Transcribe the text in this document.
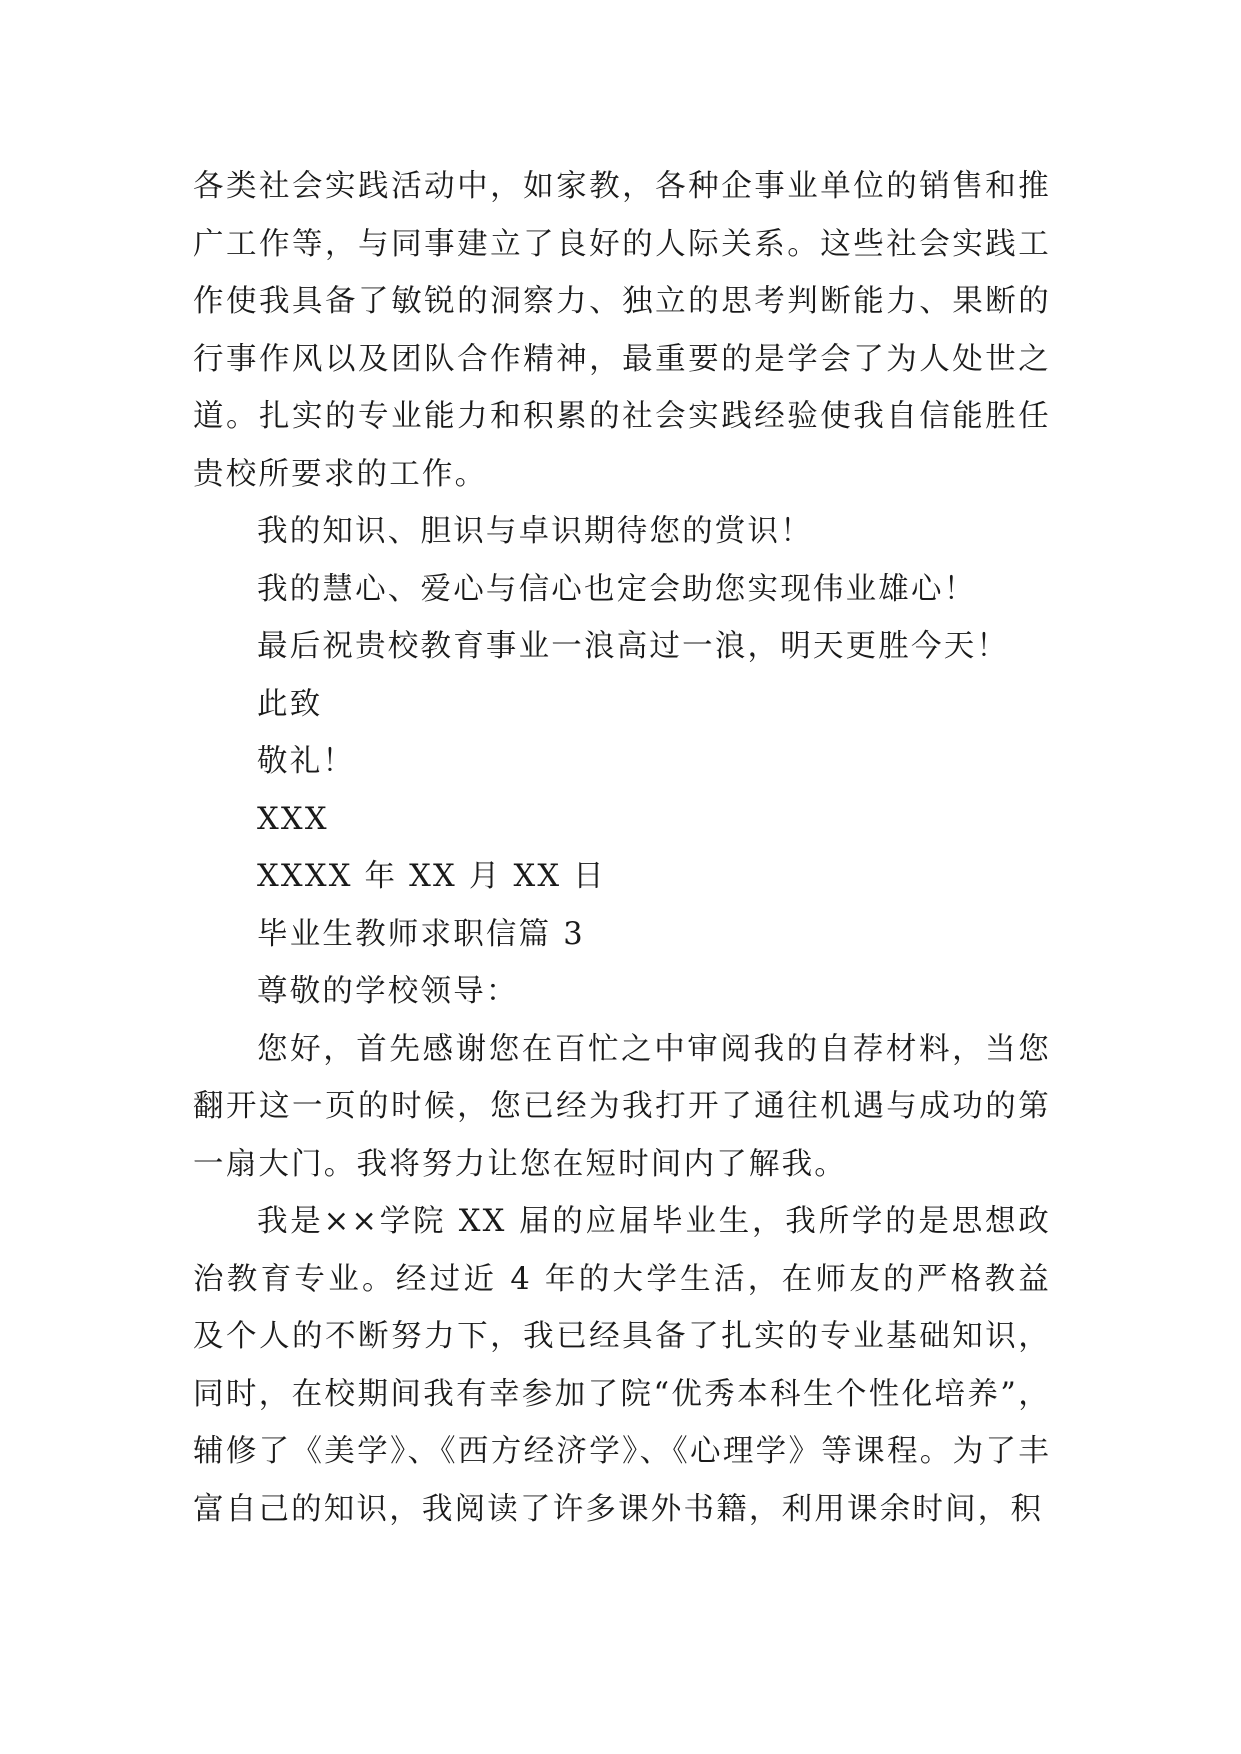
各类社会实践活动中，如家教，各种企事业单位的销售和推广工作等，与同事建立了良好的人际关系。这些社会实践工作使我具备了敏锐的洞察力、独立的思考判断能力、果断的行事作风以及团队合作精神，最重要的是学会了为人处世之道。扎实的专业能力和积累的社会实践经验使我自信能胜任贵校所要求的工作。

我的知识、胆识与卓识期待您的赏识！

我的慧心、爱心与信心也定会助您实现伟业雄心！

最后祝贵校教育事业一浪高过一浪，明天更胜今天！

此致

敬礼！

XXX

XXXX 年 XX 月 XX 日

毕业生教师求职信篇 3

尊敬的学校领导：

您好，首先感谢您在百忙之中审阅我的自荐材料，当您翻开这一页的时候，您已经为我打开了通往机遇与成功的第一扇大门。我将努力让您在短时间内了解我。

我是××学院 XX 届的应届毕业生，我所学的是思想政治教育专业。经过近 4 年的大学生活，在师友的严格教益及个人的不断努力下，我已经具备了扎实的专业基础知识，同时，在校期间我有幸参加了院“优秀本科生个性化培养”，辅修了《美学》、《西方经济学》、《心理学》等课程。为了丰富自己的知识，我阅读了许多课外书籍，利用课余时间，积
